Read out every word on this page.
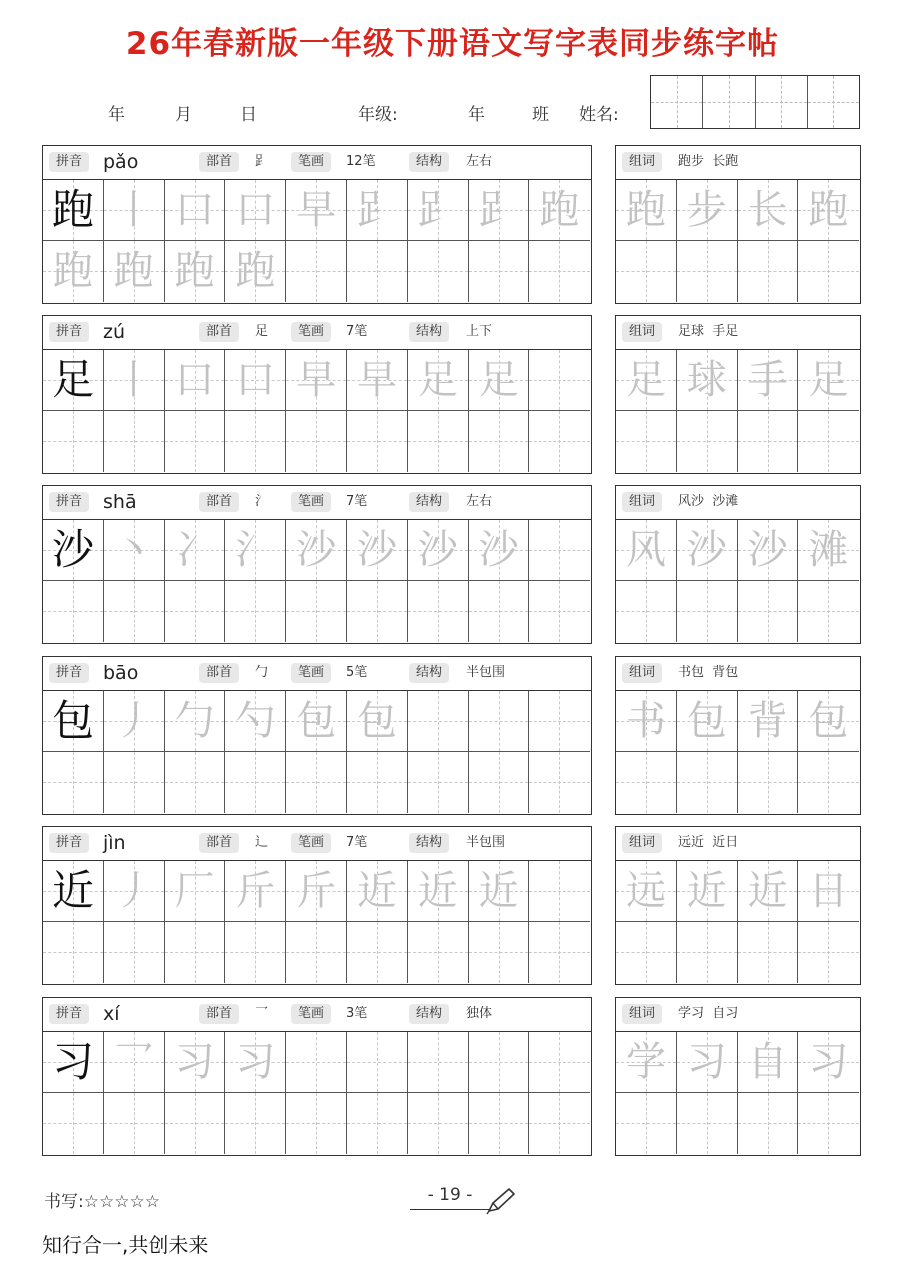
26年春新版一年级下册语文写字表同步练字帖
年	月	日	年级:	年	班 姓名:
拼音	pǎo	部首	𧾷	笔画	12笔	结构	左右
跑 丨 口 口 早 𧾷 𧾷 𧾷 跑
跑 跑 跑 跑
组词	跑步  长跑
跑 步 长 跑
拼音	zú	部首	足	笔画	7笔	结构	上下
足 丨 口 口 早 早 足 足
组词	足球  手足
足 球 手 足
拼音	shā	部首	氵	笔画	7笔	结构	左右
沙 丶 冫 氵 沙 沙 沙 沙
组词	风沙  沙滩
风 沙 沙 滩
拼音	bāo	部首	勹	笔画	5笔	结构	半包围
包 丿 勹 勺 包 包
组词	书包  背包
书 包 背 包
拼音	jìn	部首	辶	笔画	7笔	结构	半包围
近 丿 厂 斤 斤 近 近 近
组词	远近  近日
远 近 近 日
拼音	xí	部首	乛	笔画	3笔	结构	独体
习 乛 习 习
组词	学习  自习
学 习 自 习
书写:☆☆☆☆☆	- 19 -
知行合一,共创未来
